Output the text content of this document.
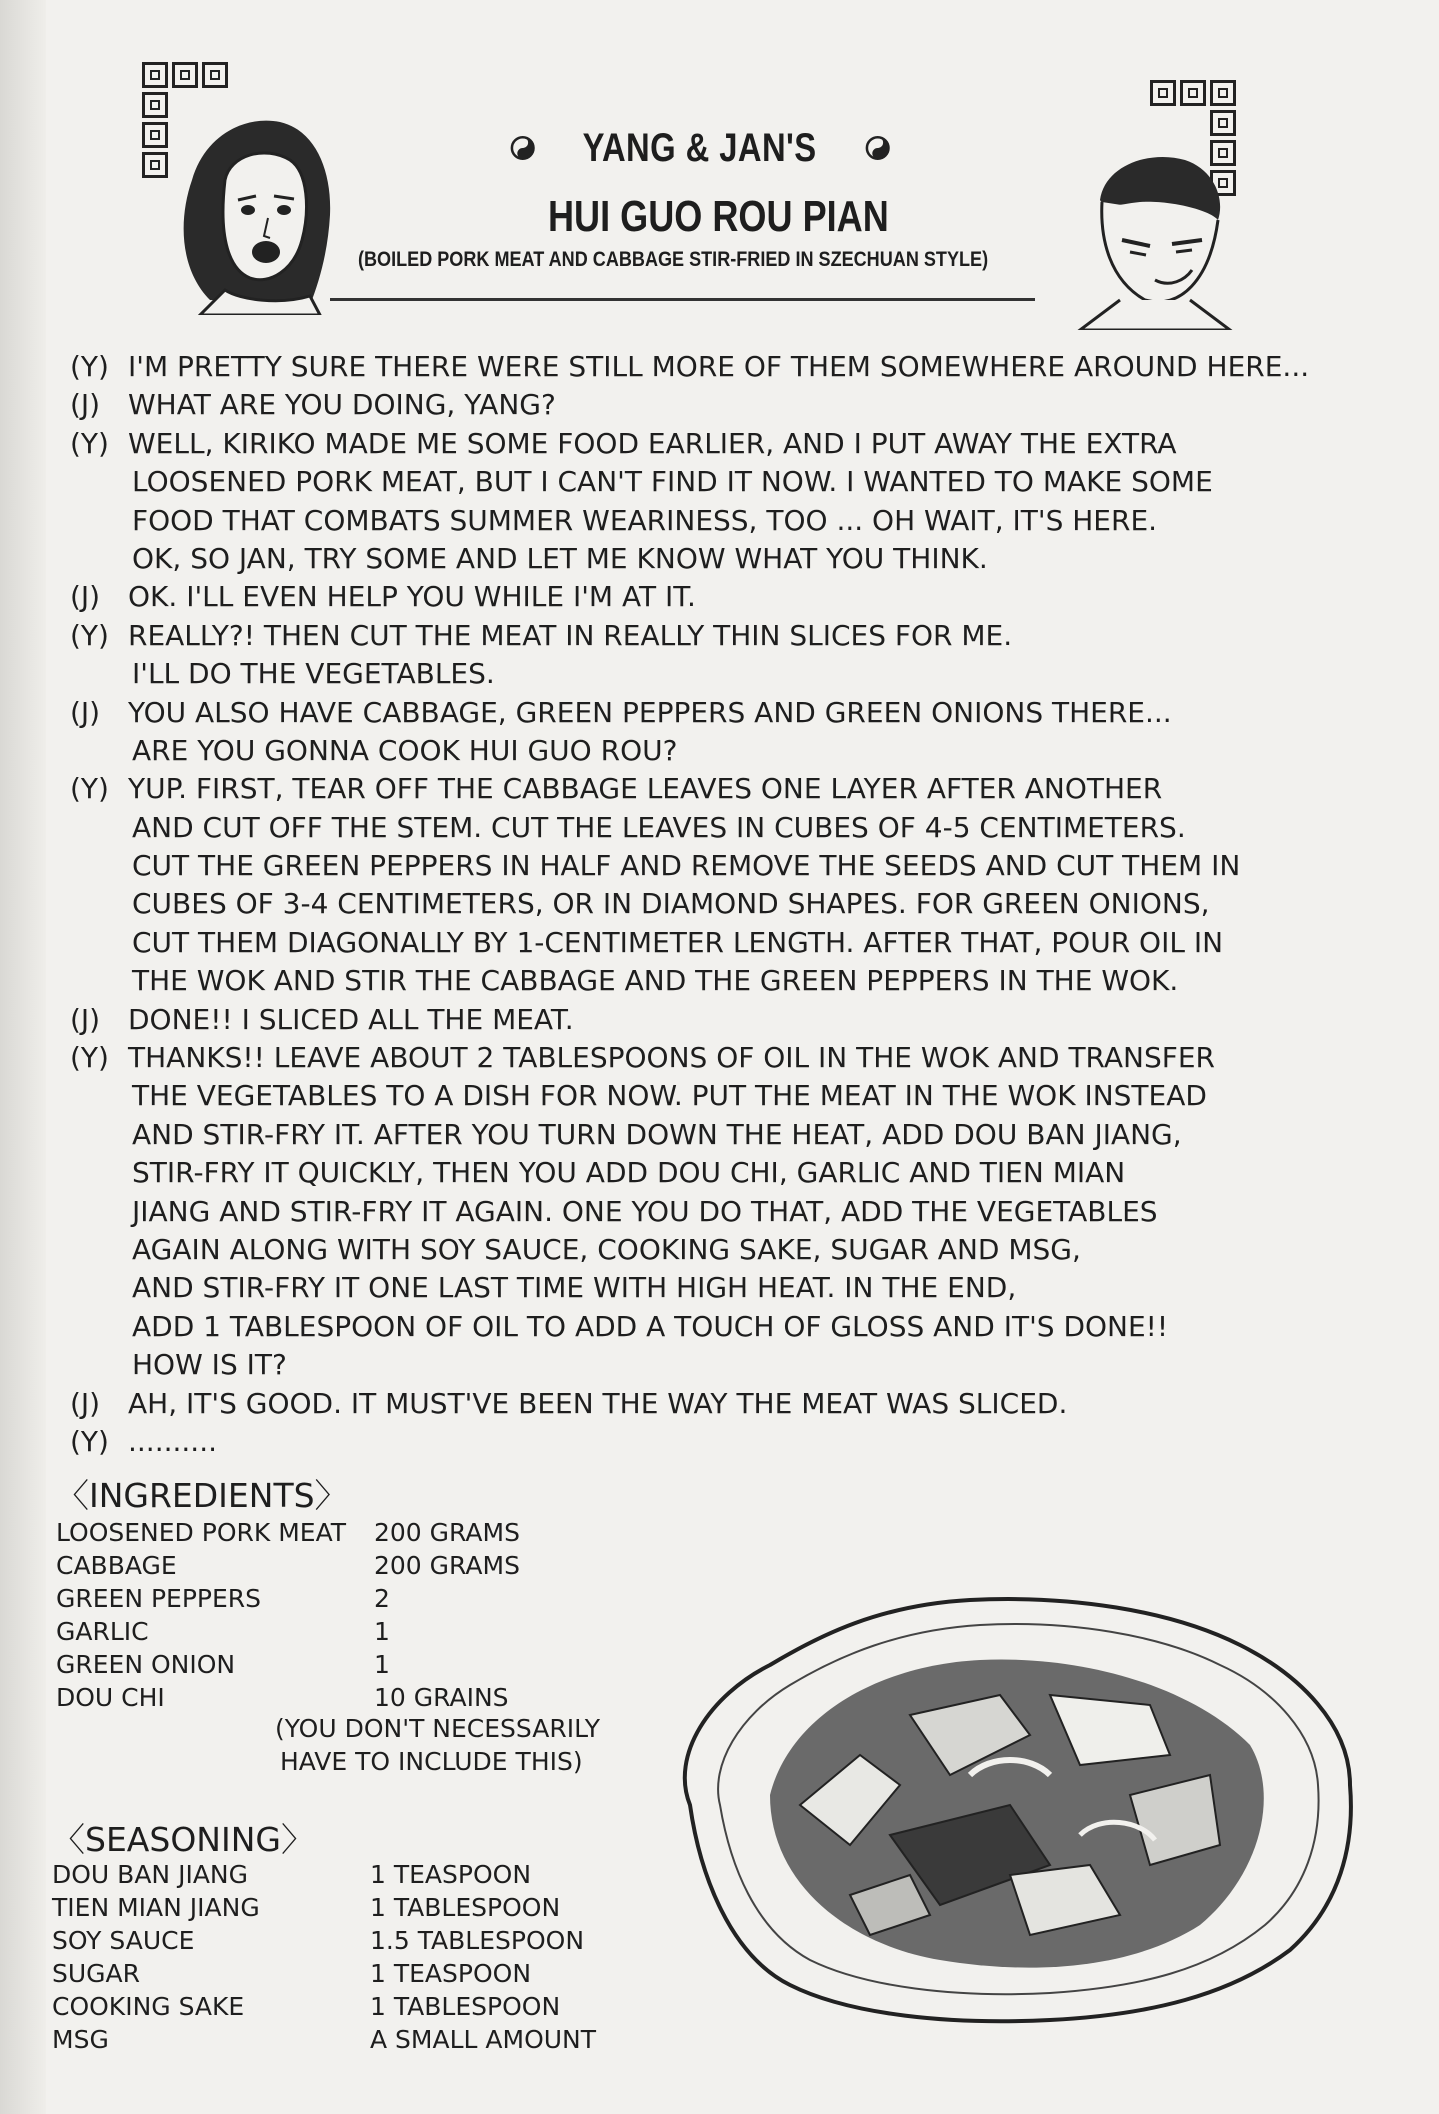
YANG & JAN'S
HUI GUO ROU PIAN
(BOILED PORK MEAT AND CABBAGE STIR-FRIED IN SZECHUAN STYLE)
(Y) I'M PRETTY SURE THERE WERE STILL MORE OF THEM SOMEWHERE AROUND HERE...
(J) WHAT ARE YOU DOING, YANG?
(Y) WELL, KIRIKO MADE ME SOME FOOD EARLIER, AND I PUT AWAY THE EXTRA
LOOSENED PORK MEAT, BUT I CAN'T FIND IT NOW. I WANTED TO MAKE SOME
FOOD THAT COMBATS SUMMER WEARINESS, TOO ... OH WAIT, IT'S HERE.
OK, SO JAN, TRY SOME AND LET ME KNOW WHAT YOU THINK.
(J) OK. I'LL EVEN HELP YOU WHILE I'M AT IT.
(Y) REALLY?! THEN CUT THE MEAT IN REALLY THIN SLICES FOR ME.
I'LL DO THE VEGETABLES.
(J) YOU ALSO HAVE CABBAGE, GREEN PEPPERS AND GREEN ONIONS THERE...
ARE YOU GONNA COOK HUI GUO ROU?
(Y) YUP. FIRST, TEAR OFF THE CABBAGE LEAVES ONE LAYER AFTER ANOTHER
AND CUT OFF THE STEM. CUT THE LEAVES IN CUBES OF 4-5 CENTIMETERS.
CUT THE GREEN PEPPERS IN HALF AND REMOVE THE SEEDS AND CUT THEM IN
CUBES OF 3-4 CENTIMETERS, OR IN DIAMOND SHAPES. FOR GREEN ONIONS,
CUT THEM DIAGONALLY BY 1-CENTIMETER LENGTH. AFTER THAT, POUR OIL IN
THE WOK AND STIR THE CABBAGE AND THE GREEN PEPPERS IN THE WOK.
(J) DONE!! I SLICED ALL THE MEAT.
(Y) THANKS!! LEAVE ABOUT 2 TABLESPOONS OF OIL IN THE WOK AND TRANSFER
THE VEGETABLES TO A DISH FOR NOW. PUT THE MEAT IN THE WOK INSTEAD
AND STIR-FRY IT. AFTER YOU TURN DOWN THE HEAT, ADD DOU BAN JIANG,
STIR-FRY IT QUICKLY, THEN YOU ADD DOU CHI, GARLIC AND TIEN MIAN
JIANG AND STIR-FRY IT AGAIN. ONE YOU DO THAT, ADD THE VEGETABLES
AGAIN ALONG WITH SOY SAUCE, COOKING SAKE, SUGAR AND MSG,
AND STIR-FRY IT ONE LAST TIME WITH HIGH HEAT. IN THE END,
ADD 1 TABLESPOON OF OIL TO ADD A TOUCH OF GLOSS AND IT'S DONE!!
HOW IS IT?
(J) AH, IT'S GOOD. IT MUST'VE BEEN THE WAY THE MEAT WAS SLICED.
(Y) ..........
〈INGREDIENTS〉
LOOSENED PORK MEAT	200 GRAMS
CABBAGE	200 GRAMS
GREEN PEPPERS	2
GARLIC	1
GREEN ONION	1
DOU CHI	10 GRAINS
(YOU DON'T NECESSARILY
HAVE TO INCLUDE THIS)
〈SEASONING〉
DOU BAN JIANG	1 TEASPOON
TIEN MIAN JIANG	1 TABLESPOON
SOY SAUCE	1.5 TABLESPOON
SUGAR	1 TEASPOON
COOKING SAKE	1 TABLESPOON
MSG	A SMALL AMOUNT
